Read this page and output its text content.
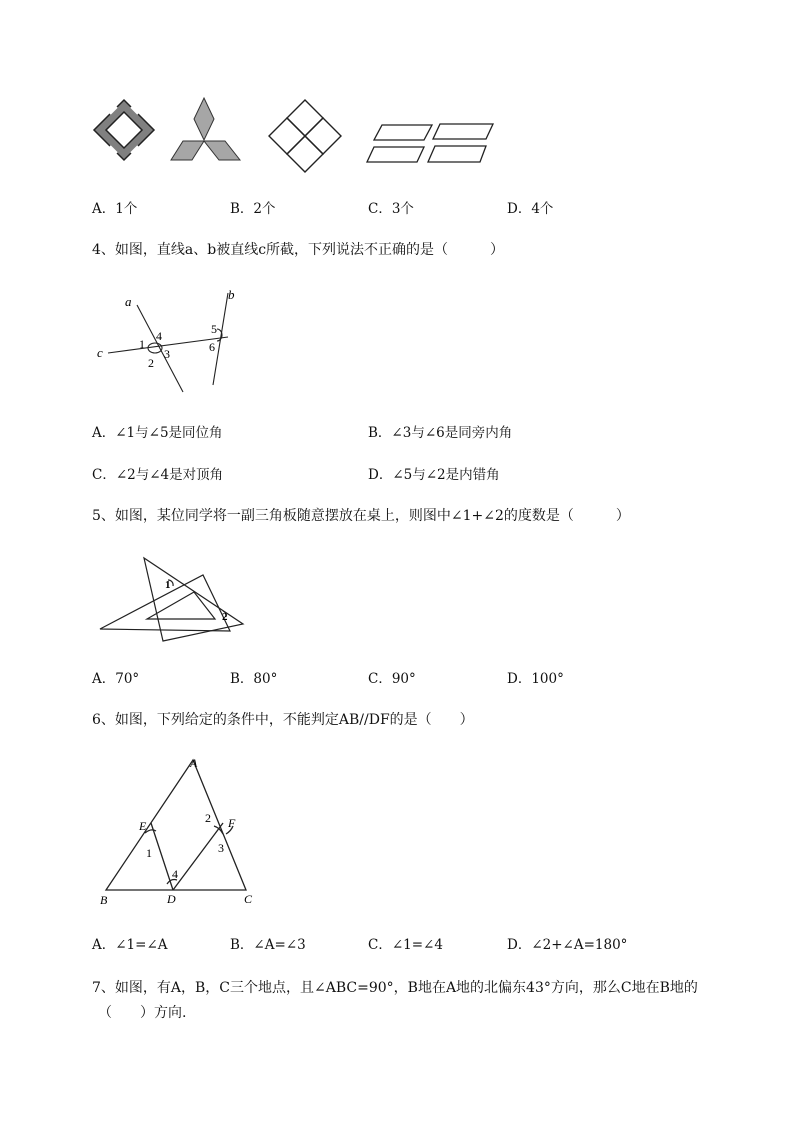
A．1个	B．2个	C．3个	D．4个
4、如图，直线a、b被直线c所截，下列说法不正确的是（　　　）
a	b
c
1
4
2
3
5
6
A．∠1与∠5是同位角	B．∠3与∠6是同旁内角
C．∠2与∠4是对顶角	D．∠5与∠2是内错角
5、如图，某位同学将一副三角板随意摆放在桌上，则图中∠1+∠2的度数是（　　　）
1
2
A．70°	B．80°	C．90°	D．100°
6、如图，下列给定的条件中，不能判定AB//DF的是（　　）
A
B	C
D
E	F
1
2
3
4
A．∠1=∠A	B．∠A=∠3	C．∠1=∠4	D．∠2+∠A=180°
7、如图，有A，B，C三个地点，且∠ABC=90°，B地在A地的北偏东43°方向，那么C地在B地的
（　　）方向.
